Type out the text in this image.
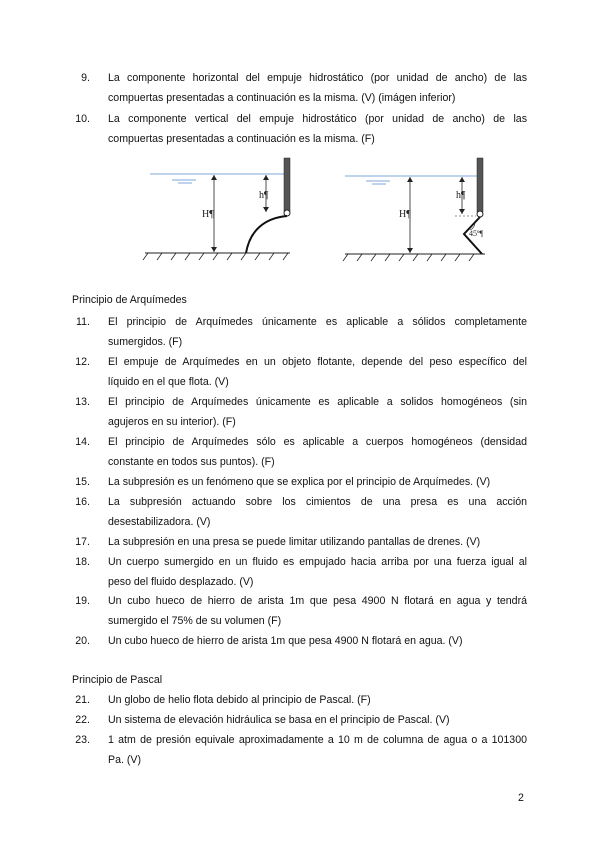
9. La componente horizontal del empuje hidrostático (por unidad de ancho) de las
compuertas presentadas a continuación es la misma. (V) (imágen inferior)
10. La componente vertical del empuje hidrostático (por unidad de ancho) de las
compuertas presentadas a continuación es la misma. (F)
H¶
h¶
H¶
h¶
45º¶
Principio de Arquímedes
11. El principio de Arquímedes únicamente es aplicable a sólidos completamente
sumergidos. (F)
12. El empuje de Arquímedes en un objeto flotante, depende del peso específico del
líquido en el que flota. (V)
13. El principio de Arquímedes únicamente es aplicable a solidos homogéneos (sin
agujeros en su interior). (F)
14. El principio de Arquímedes sólo es aplicable a cuerpos homogéneos (densidad
constante en todos sus puntos). (F)
15. La subpresión es un fenómeno que se explica por el principio de Arquímedes. (V)
16. La subpresión actuando sobre los cimientos de una presa es una acción
desestabilizadora. (V)
17. La subpresión en una presa se puede limitar utilizando pantallas de drenes. (V)
18. Un cuerpo sumergido en un fluido es empujado hacia arriba por una fuerza igual al
peso del fluido desplazado. (V)
19. Un cubo hueco de hierro de arista 1m que pesa 4900 N flotará en agua y tendrá
sumergido el 75% de su volumen (F)
20. Un cubo hueco de hierro de arista 1m que pesa 4900 N flotará en agua. (V)
Principio de Pascal
21. Un globo de helio flota debido al principio de Pascal. (F)
22. Un sistema de elevación hidráulica se basa en el principio de Pascal. (V)
23. 1 atm de presión equivale aproximadamente a 10 m de columna de agua o a 101300
Pa. (V)
2
